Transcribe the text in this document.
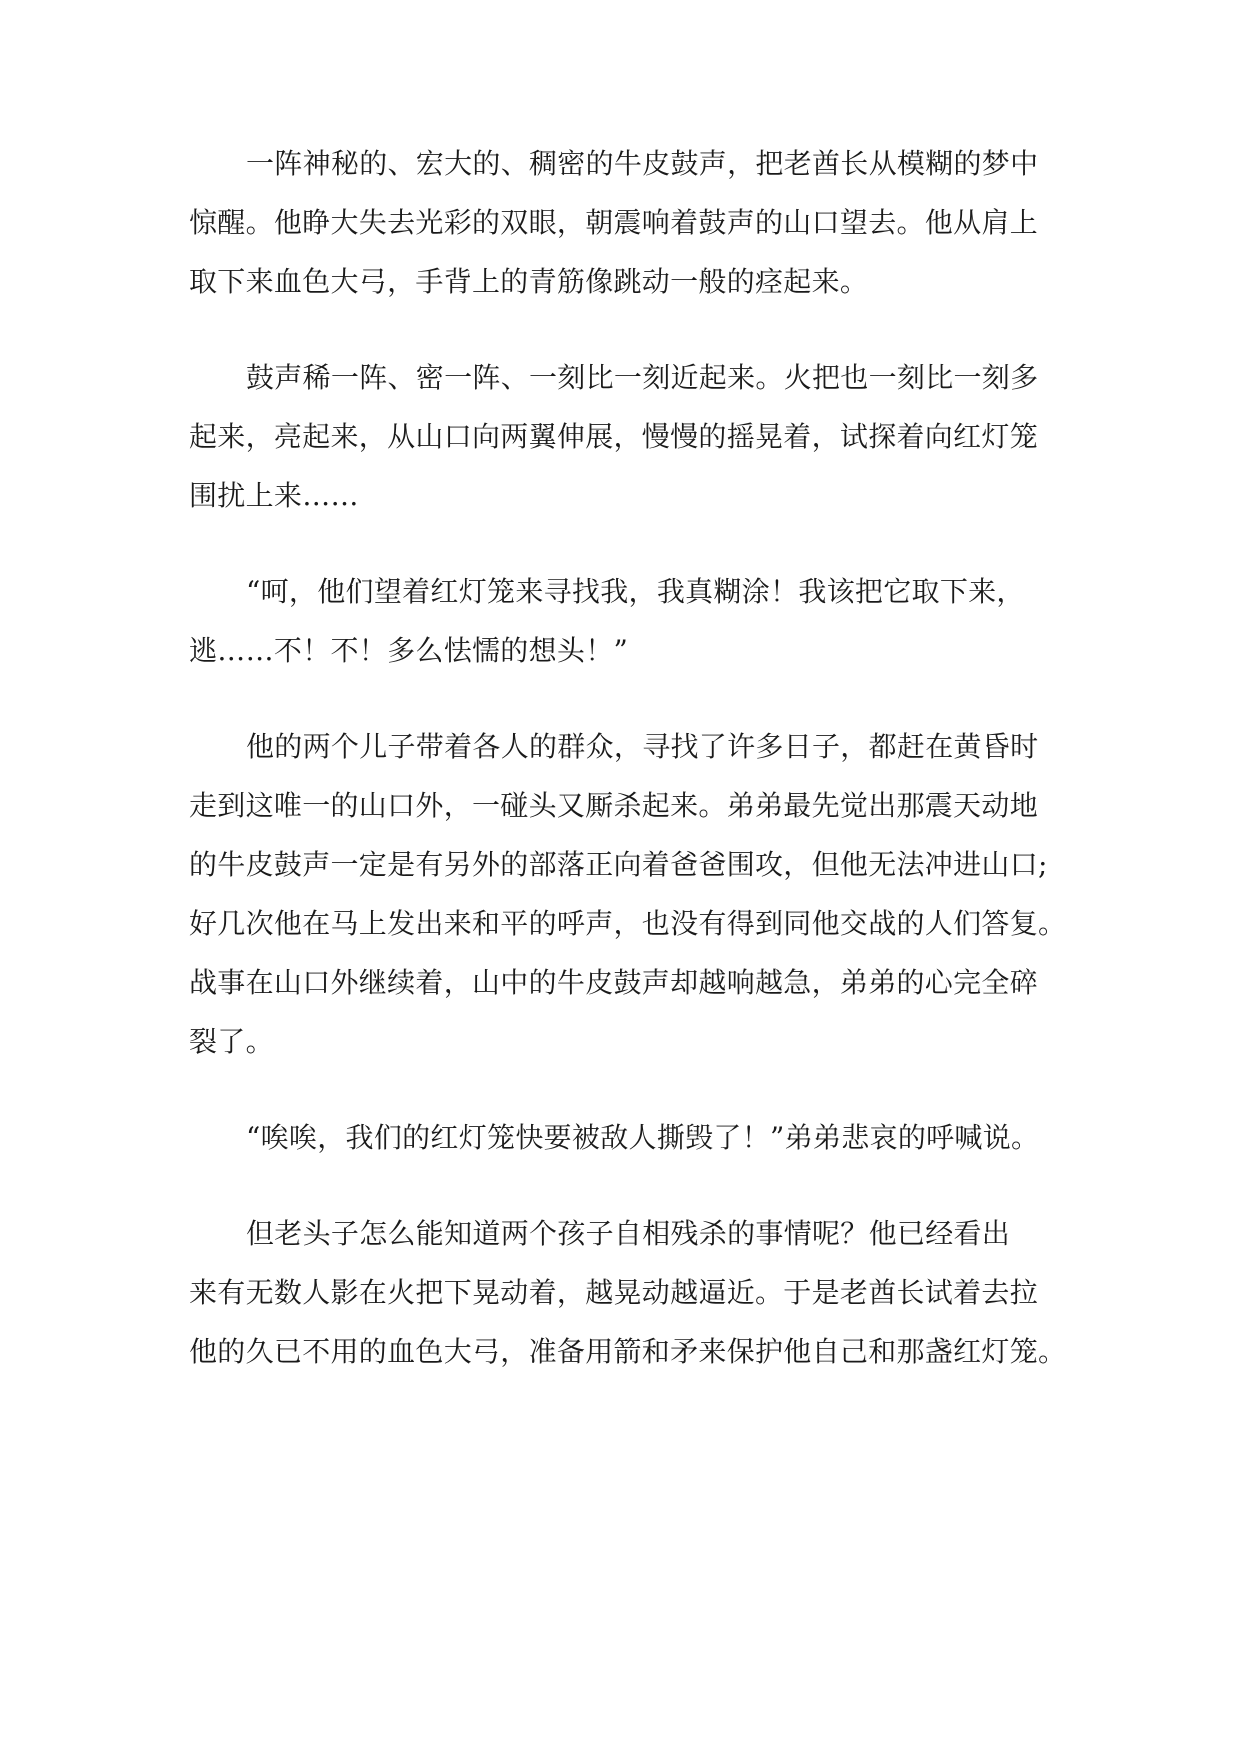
一阵神秘的、宏大的、稠密的牛皮鼓声，把老酋长从模糊的梦中
惊醒。他睁大失去光彩的双眼，朝震响着鼓声的山口望去。他从肩上
取下来血色大弓，手背上的青筋像跳动一般的痉起来。
鼓声稀一阵、密一阵、一刻比一刻近起来。火把也一刻比一刻多
起来，亮起来，从山口向两翼伸展，慢慢的摇晃着，试探着向红灯笼
围扰上来……
“呵，他们望着红灯笼来寻找我，我真糊涂！我该把它取下来，
逃……不！不！多么怯懦的想头！”
他的两个儿子带着各人的群众，寻找了许多日子，都赶在黄昏时
走到这唯一的山口外，一碰头又厮杀起来。弟弟最先觉出那震天动地
的牛皮鼓声一定是有另外的部落正向着爸爸围攻，但他无法冲进山口;
好几次他在马上发出来和平的呼声，也没有得到同他交战的人们答复。
战事在山口外继续着，山中的牛皮鼓声却越响越急，弟弟的心完全碎
裂了。
“唉唉，我们的红灯笼快要被敌人撕毁了！”弟弟悲哀的呼喊说。
但老头子怎么能知道两个孩子自相残杀的事情呢？他已经看出
来有无数人影在火把下晃动着，越晃动越逼近。于是老酋长试着去拉
他的久已不用的血色大弓，准备用箭和矛来保护他自己和那盏红灯笼。
